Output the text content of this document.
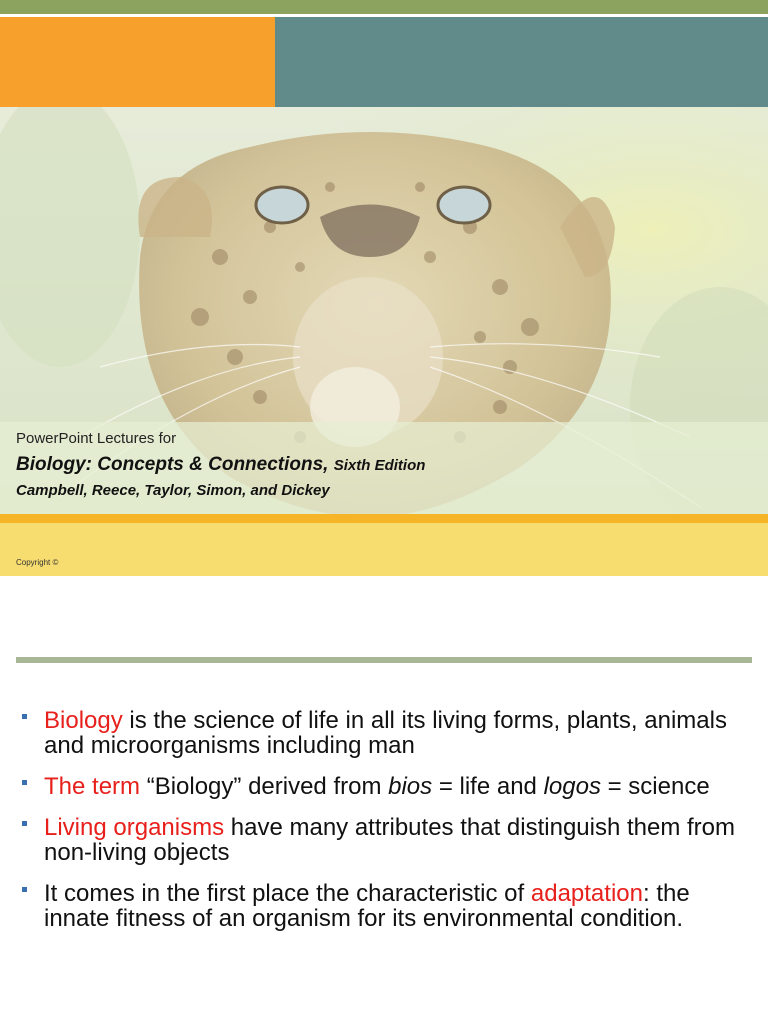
PowerPoint Lectures for
Biology: Concepts & Connections, Sixth Edition
Campbell, Reece, Taylor, Simon, and Dickey
Copyright ©
Biology is the science of life in all its living forms, plants, animals and microorganisms including man
The term “Biology” derived from bios = life and logos = science
Living organisms have many attributes that distinguish them from non-living objects
It comes in the first place the characteristic of adaptation: the innate fitness of an organism for its environmental condition.
